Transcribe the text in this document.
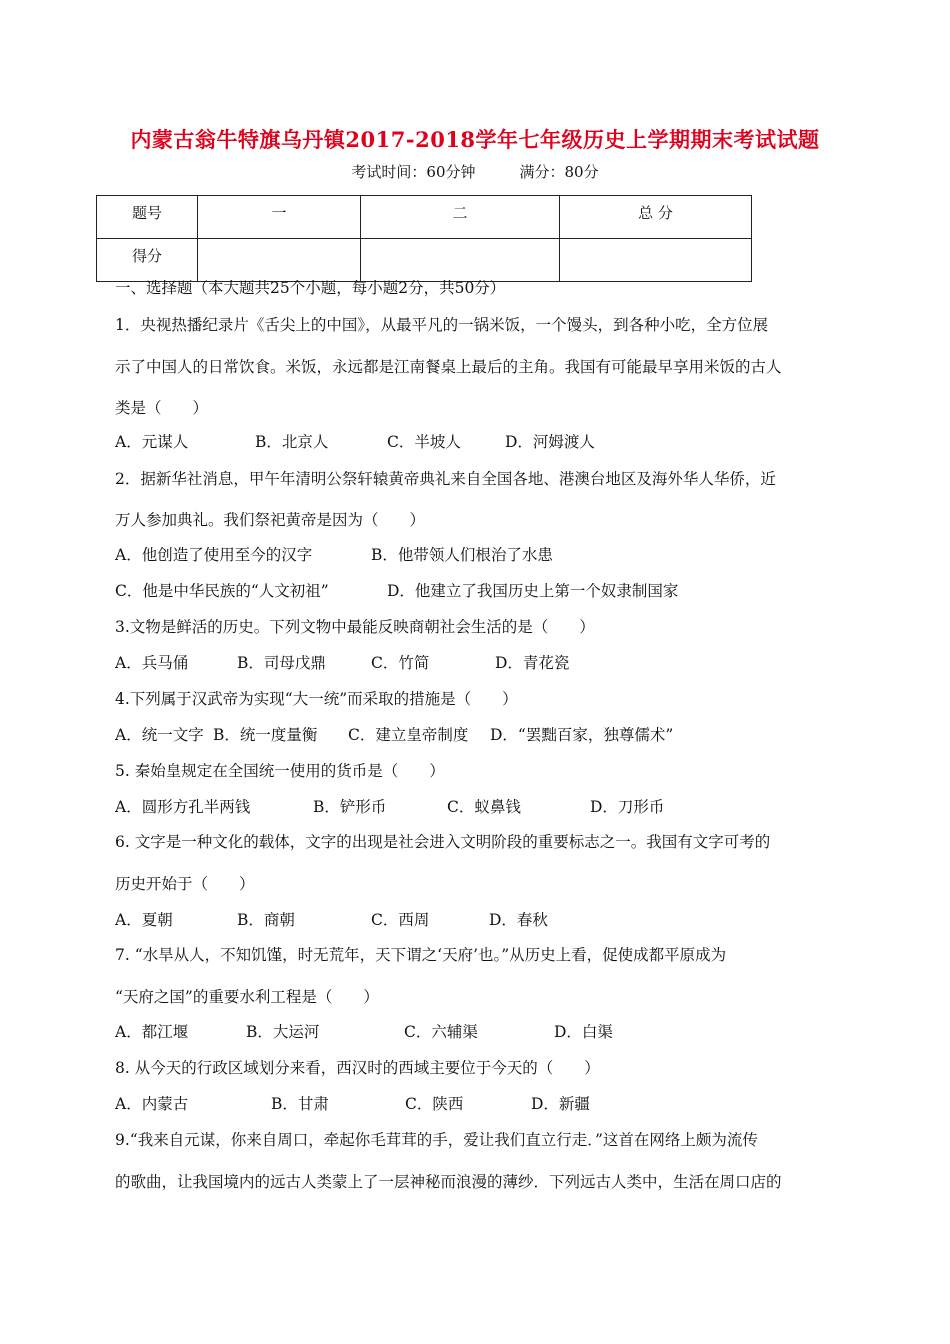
内蒙古翁牛特旗乌丹镇2017-2018学年七年级历史上学期期末考试试题
考试时间：60分钟	满分：80分
题号	一	二	总 分
得分			
一、选择题（本大题共25个小题，每小题2分，共50分）
1．央视热播纪录片《舌尖上的中国》，从最平凡的一锅米饭，一个馒头，到各种小吃，全方位展
示了中国人的日常饮食。米饭，永远都是江南餐桌上最后的主角。我国有可能最早享用米饭的古人
类是（　　）
A．元谋人	B．北京人	C．半坡人	D．河姆渡人
2．据新华社消息，甲午年清明公祭轩辕黄帝典礼来自全国各地、港澳台地区及海外华人华侨，近
万人参加典礼。我们祭祀黄帝是因为（　　）
A．他创造了使用至今的汉字	B．他带领人们根治了水患
C．他是中华民族的“人文初祖”	D．他建立了我国历史上第一个奴隶制国家
3.文物是鲜活的历史。下列文物中最能反映商朝社会生活的是（　　）
A．兵马俑	B．司母戊鼎	C．竹简	D．青花瓷
4.下列属于汉武帝为实现“大一统”而采取的措施是（　　）
A．统一文字 B．统一度量衡 C．建立皇帝制度 D．“罢黜百家，独尊儒术”
5. 秦始皇规定在全国统一使用的货币是（　　）
A．圆形方孔半两钱	B．铲形币	C．蚁鼻钱	D．刀形币
6. 文字是一种文化的载体，文字的出现是社会进入文明阶段的重要标志之一。我国有文字可考的
历史开始于（　　）
A．夏朝	B．商朝	C．西周	D．春秋
7. “水旱从人，不知饥馑，时无荒年，天下谓之‘天府’也。”从历史上看，促使成都平原成为
“天府之国”的重要水利工程是（　　）
A．都江堰	B．大运河	C．六辅渠	D．白渠
8. 从今天的行政区域划分来看，西汉时的西域主要位于今天的（　　）
A．内蒙古	B．甘肃	C．陕西	D．新疆
9.“我来自元谋，你来自周口，牵起你毛茸茸的手，爱让我们直立行走．”这首在网络上颇为流传
的歌曲，让我国境内的远古人类蒙上了一层神秘而浪漫的薄纱．下列远古人类中，生活在周口店的
